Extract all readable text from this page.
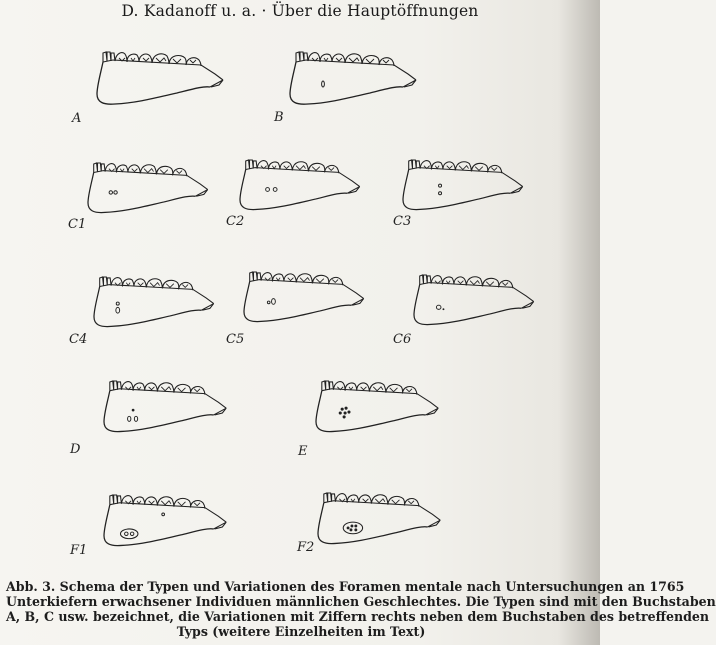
D. Kadanoff u. a. · Über die Hauptöffnungen
A	B
C1	C2	C3
C4	C5	C6
D	E
F1	F2
Abb. 3. Schema der Typen und Variationen des Foramen mentale nach Untersuchungen an 1765
Unterkiefern erwachsener Individuen männlichen Geschlechtes. Die Typen sind mit den Buchstaben
A, B, C usw. bezeichnet, die Variationen mit Ziffern rechts neben dem Buchstaben des betreffenden
Typs (weitere Einzelheiten im Text)
